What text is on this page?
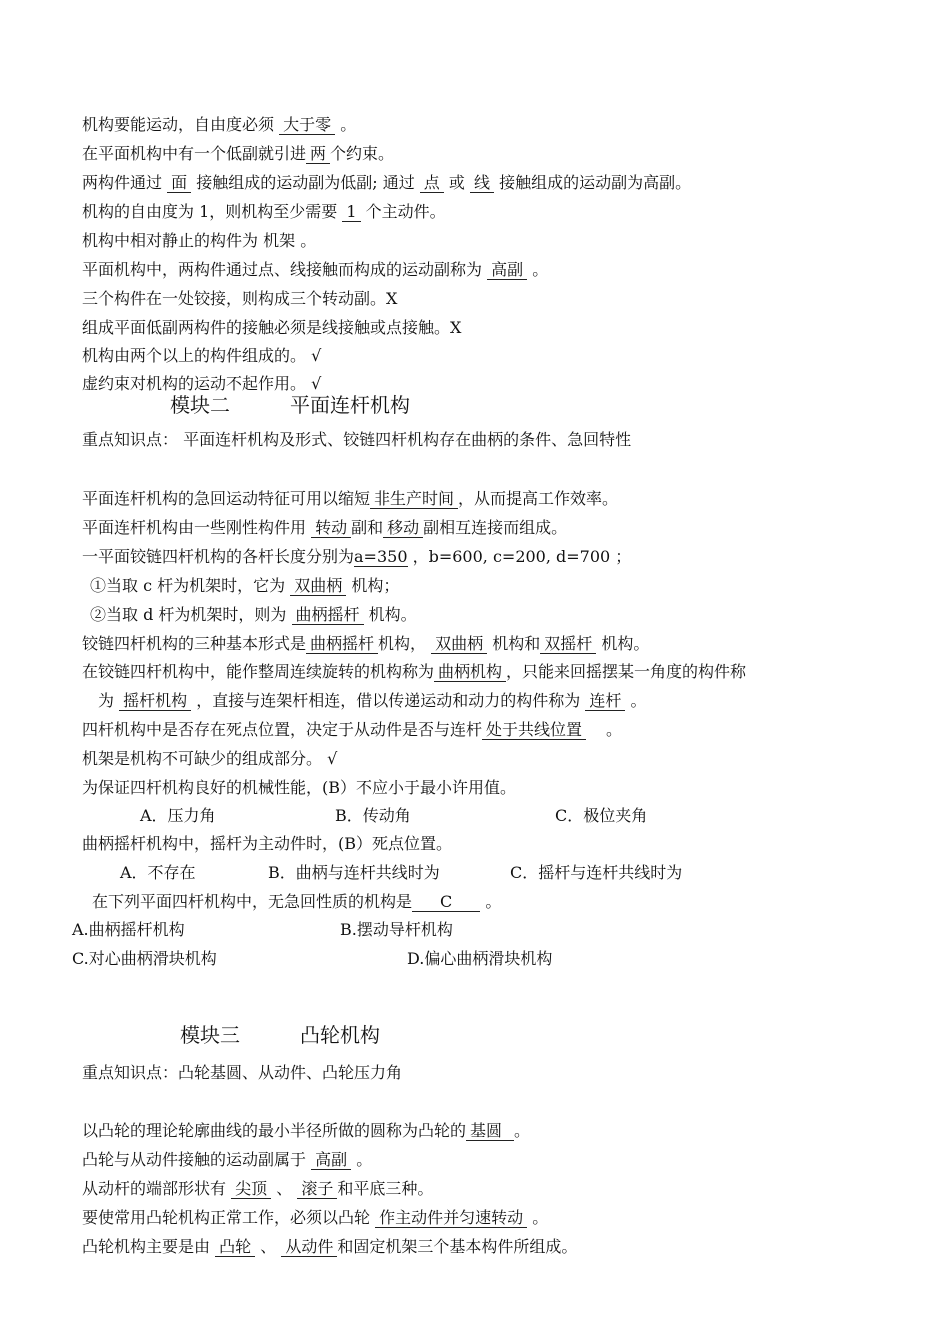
机构要能运动，自由度必须 大于零 。
在平面机构中有一个低副就引进 两 个约束。
两构件通过 面 接触组成的运动副为低副; 通过 点 或 线 接触组成的运动副为高副。
机构的自由度为 1，则机构至少需要 1 个主动件。
机构中相对静止的构件为 机架 。
平面机构中，两构件通过点、线接触而构成的运动副称为 高副 。
三个构件在一处铰接，则构成三个转动副。X
组成平面低副两构件的接触必须是线接触或点接触。X
机构由两个以上的构件组成的。 √
虚约束对机构的运动不起作用。 √
模块二	平面连杆机构
重点知识点： 平面连杆机构及形式、铰链四杆机构存在曲柄的条件、急回特性
平面连杆机构的急回运动特征可用以缩短 非生产时间 ，从而提高工作效率。
平面连杆机构由一些刚性构件用 转动 副和 移动 副相互连接而组成。
一平面铰链四杆机构的各杆长度分别为a=350 ，b=600, c=200, d=700 ；
①当取 c 杆为机架时，它为 双曲柄 机构；
②当取 d 杆为机架时，则为 曲柄摇杆 机构。
铰链四杆机构的三种基本形式是 曲柄摇杆 机构， 双曲柄 机构和 双摇杆 机构。
在铰链四杆机构中，能作整周连续旋转的机构称为 曲柄机构 ，只能来回摇摆某一角度的构件称
为 摇杆机构 ，直接与连架杆相连，借以传递运动和动力的构件称为 连杆 。
四杆机构中是否存在死点位置，决定于从动件是否与连杆 处于共线位置 。
机架是机构不可缺少的组成部分。 √
为保证四杆机构良好的机械性能，(B）不应小于最小许用值。
A．压力角	B．传动角	C．极位夹角
曲柄摇杆机构中，摇杆为主动件时，(B）死点位置。
A．不存在	B．曲柄与连杆共线时为	C．摇杆与连杆共线时为
在下列平面四杆机构中，无急回性质的机构是 C 。
A.曲柄摇杆机构	B.摆动导杆机构
C.对心曲柄滑块机构	D.偏心曲柄滑块机构
模块三	凸轮机构
重点知识点：凸轮基圆、从动件、凸轮压力角
以凸轮的理论轮廓曲线的最小半径所做的圆称为凸轮的 基圆 。
凸轮与从动件接触的运动副属于 高副 。
从动杆的端部形状有 尖顶 、 滚子 和平底三种。
要使常用凸轮机构正常工作，必须以凸轮 作主动件并匀速转动 。
凸轮机构主要是由 凸轮 、 从动件 和固定机架三个基本构件所组成。
